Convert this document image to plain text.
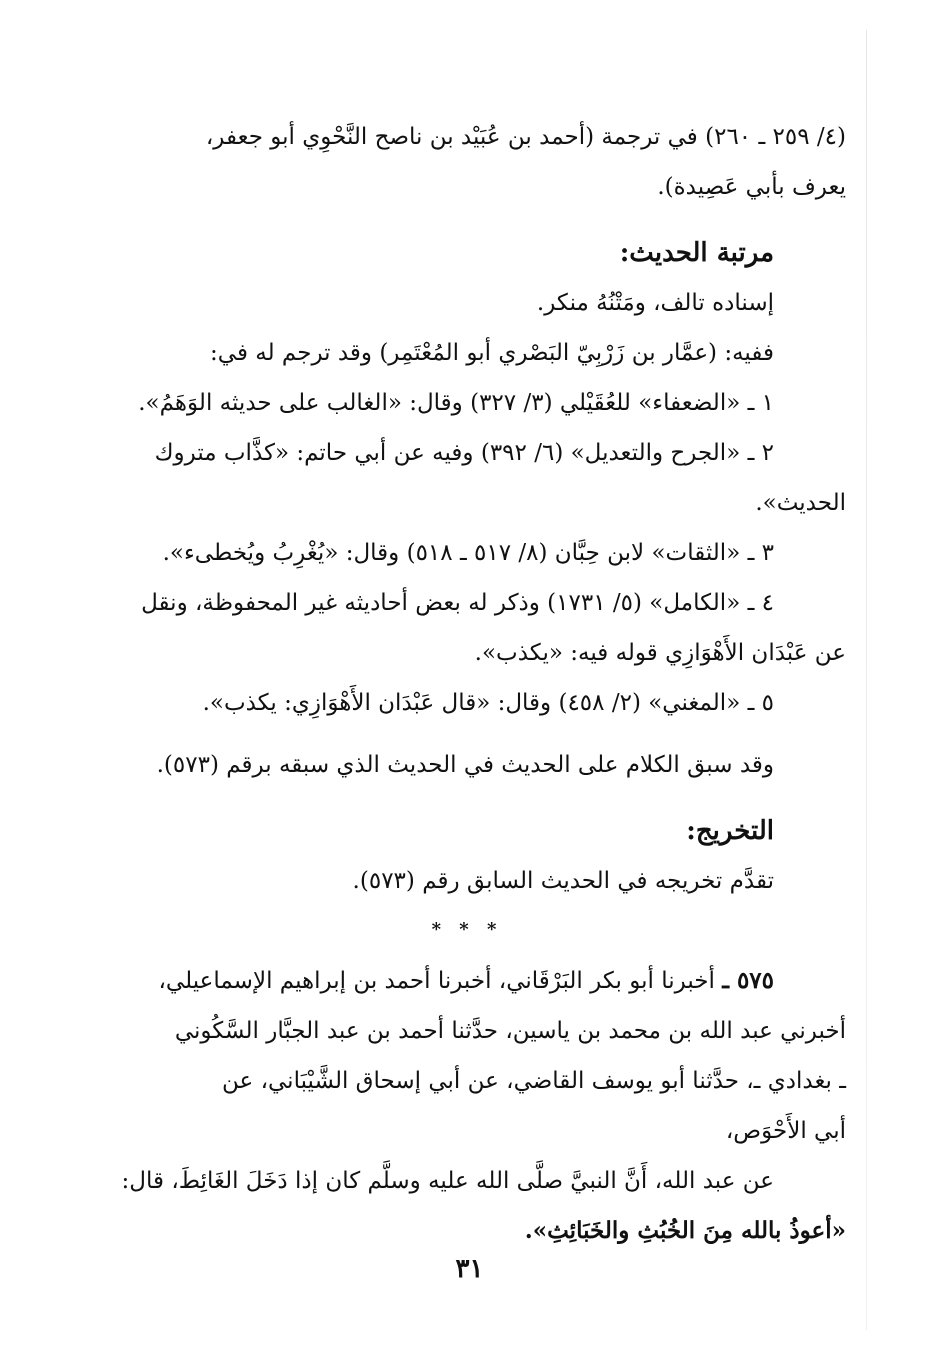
(٤/ ٢٥٩ ـ ٢٦٠) في ترجمة (أحمد بن عُبَيْد بن ناصح النَّحْوِي أبو جعفر،

يعرف بأبي عَصِيدة).

مرتبة الحديث:

إسناده تالف، ومَتْنُهُ منكر.

ففيه: (عمَّار بن زَرْبِيّ البَصْري أبو المُعْتَمِر) وقد ترجم له في:

١ ـ «الضعفاء» للعُقَيْلي (٣/ ٣٢٧) وقال: «الغالب على حديثه الوَهَمُ».

٢ ـ «الجرح والتعديل» (٦/ ٣٩٢) وفيه عن أبي حاتم: «كذَّاب متروك

الحديث».

٣ ـ «الثقات» لابن حِبَّان (٨/ ٥١٧ ـ ٥١٨) وقال: «يُغْرِبُ ويُخطىء».

٤ ـ «الكامل» (٥/ ١٧٣١) وذكر له بعض أحاديثه غير المحفوظة، ونقل

عن عَبْدَان الأَهْوَازِي قوله فيه: «يكذب».

٥ ـ «المغني» (٢/ ٤٥٨) وقال: «قال عَبْدَان الأَهْوَازِي: يكذب».

وقد سبق الكلام على الحديث في الحديث الذي سبقه برقم (٥٧٣).

التخريج:

تقدَّم تخريجه في الحديث السابق رقم (٥٧٣).

* * *

٥٧٥ ـ أخبرنا أبو بكر البَرْقَاني، أخبرنا أحمد بن إبراهيم الإسماعيلي،

أخبرني عبد الله بن محمد بن ياسين، حدَّثنا أحمد بن عبد الجبَّار السَّكُوني

ـ بغدادي ـ، حدَّثنا أبو يوسف القاضي، عن أبي إسحاق الشَّيْبَاني، عن

أبي الأَحْوَص،

عن عبد الله، أَنَّ النبيَّ صلَّى الله عليه وسلَّم كان إذا دَخَلَ الغَائِطَ، قال:

«أعوذُ بالله مِنَ الخُبُثِ والخَبَائِثِ».

٣١
